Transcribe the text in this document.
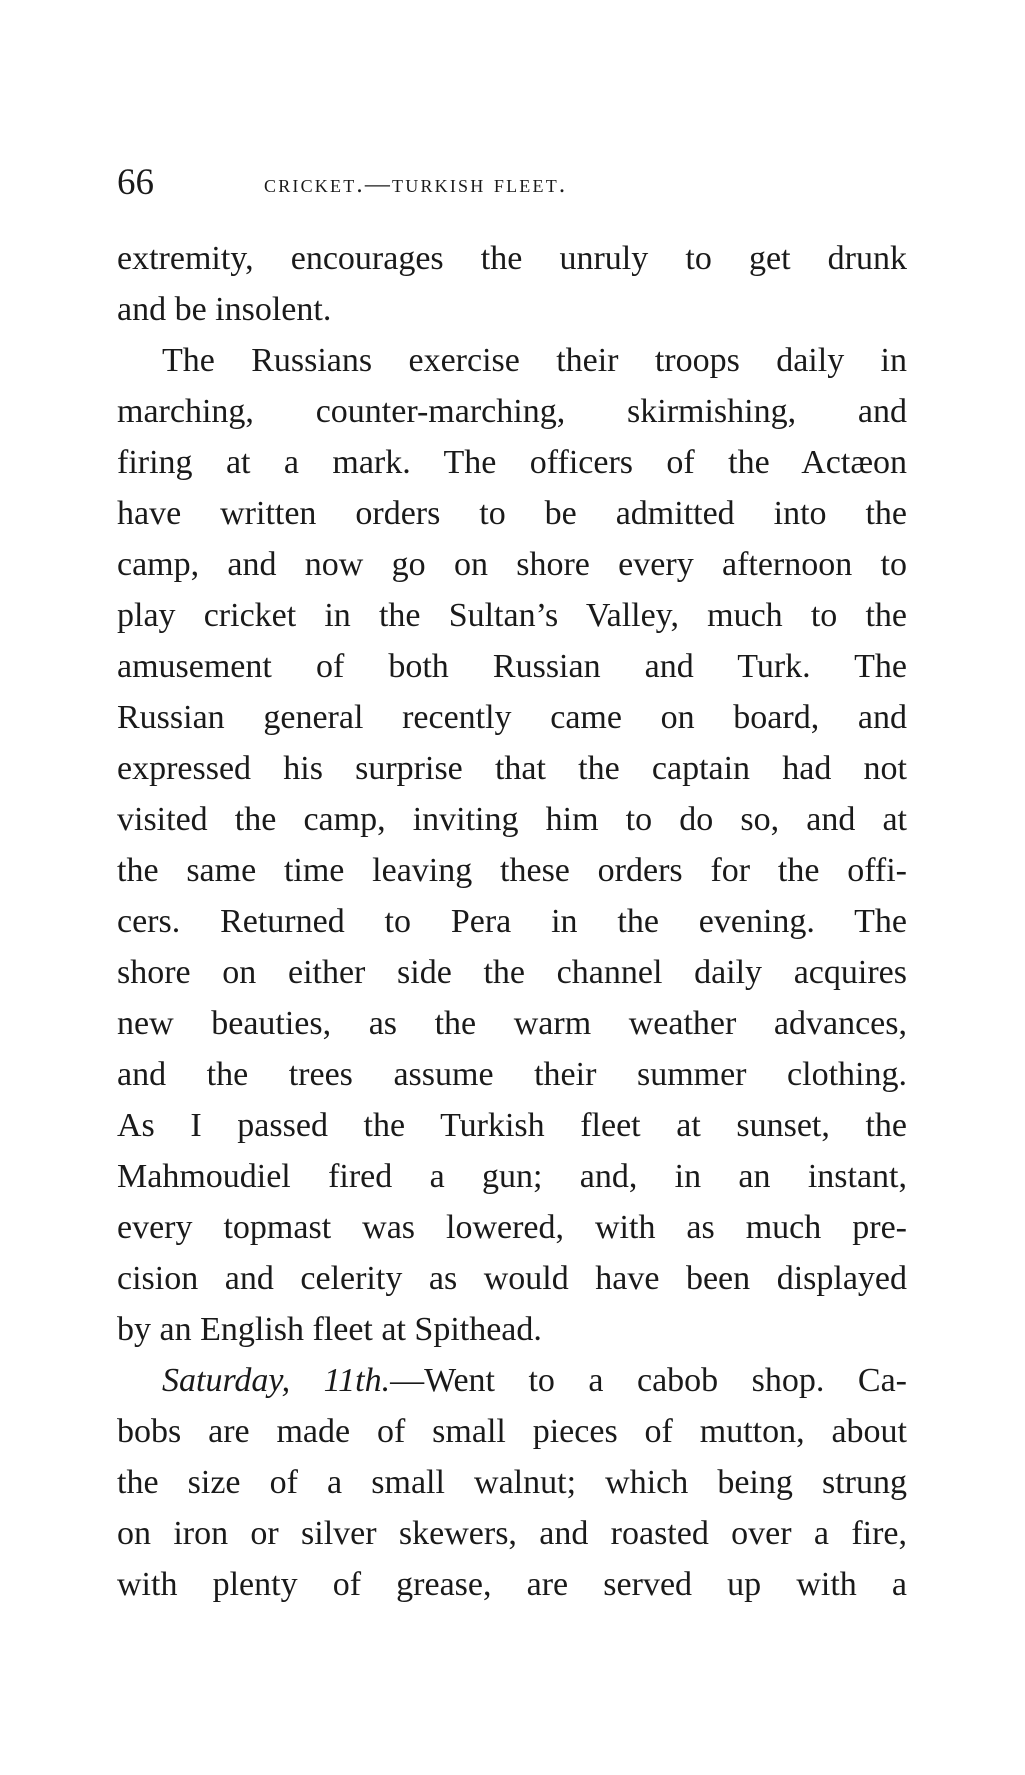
66	cricket.—turkish fleet.
extremity, encourages the unruly to get drunk
and be insolent.
The Russians exercise their troops daily in
marching, counter-marching, skirmishing, and
firing at a mark. The officers of the Actæon
have written orders to be admitted into the
camp, and now go on shore every afternoon to
play cricket in the Sultan’s Valley, much to the
amusement of both Russian and Turk. The
Russian general recently came on board, and
expressed his surprise that the captain had not
visited the camp, inviting him to do so, and at
the same time leaving these orders for the offi-
cers. Returned to Pera in the evening. The
shore on either side the channel daily acquires
new beauties, as the warm weather advances,
and the trees assume their summer clothing.
As I passed the Turkish fleet at sunset, the
Mahmoudiel fired a gun; and, in an instant,
every topmast was lowered, with as much pre-
cision and celerity as would have been displayed
by an English fleet at Spithead.
Saturday, 11th.—Went to a cabob shop. Ca-
bobs are made of small pieces of mutton, about
the size of a small walnut; which being strung
on iron or silver skewers, and roasted over a fire,
with plenty of grease, are served up with a
